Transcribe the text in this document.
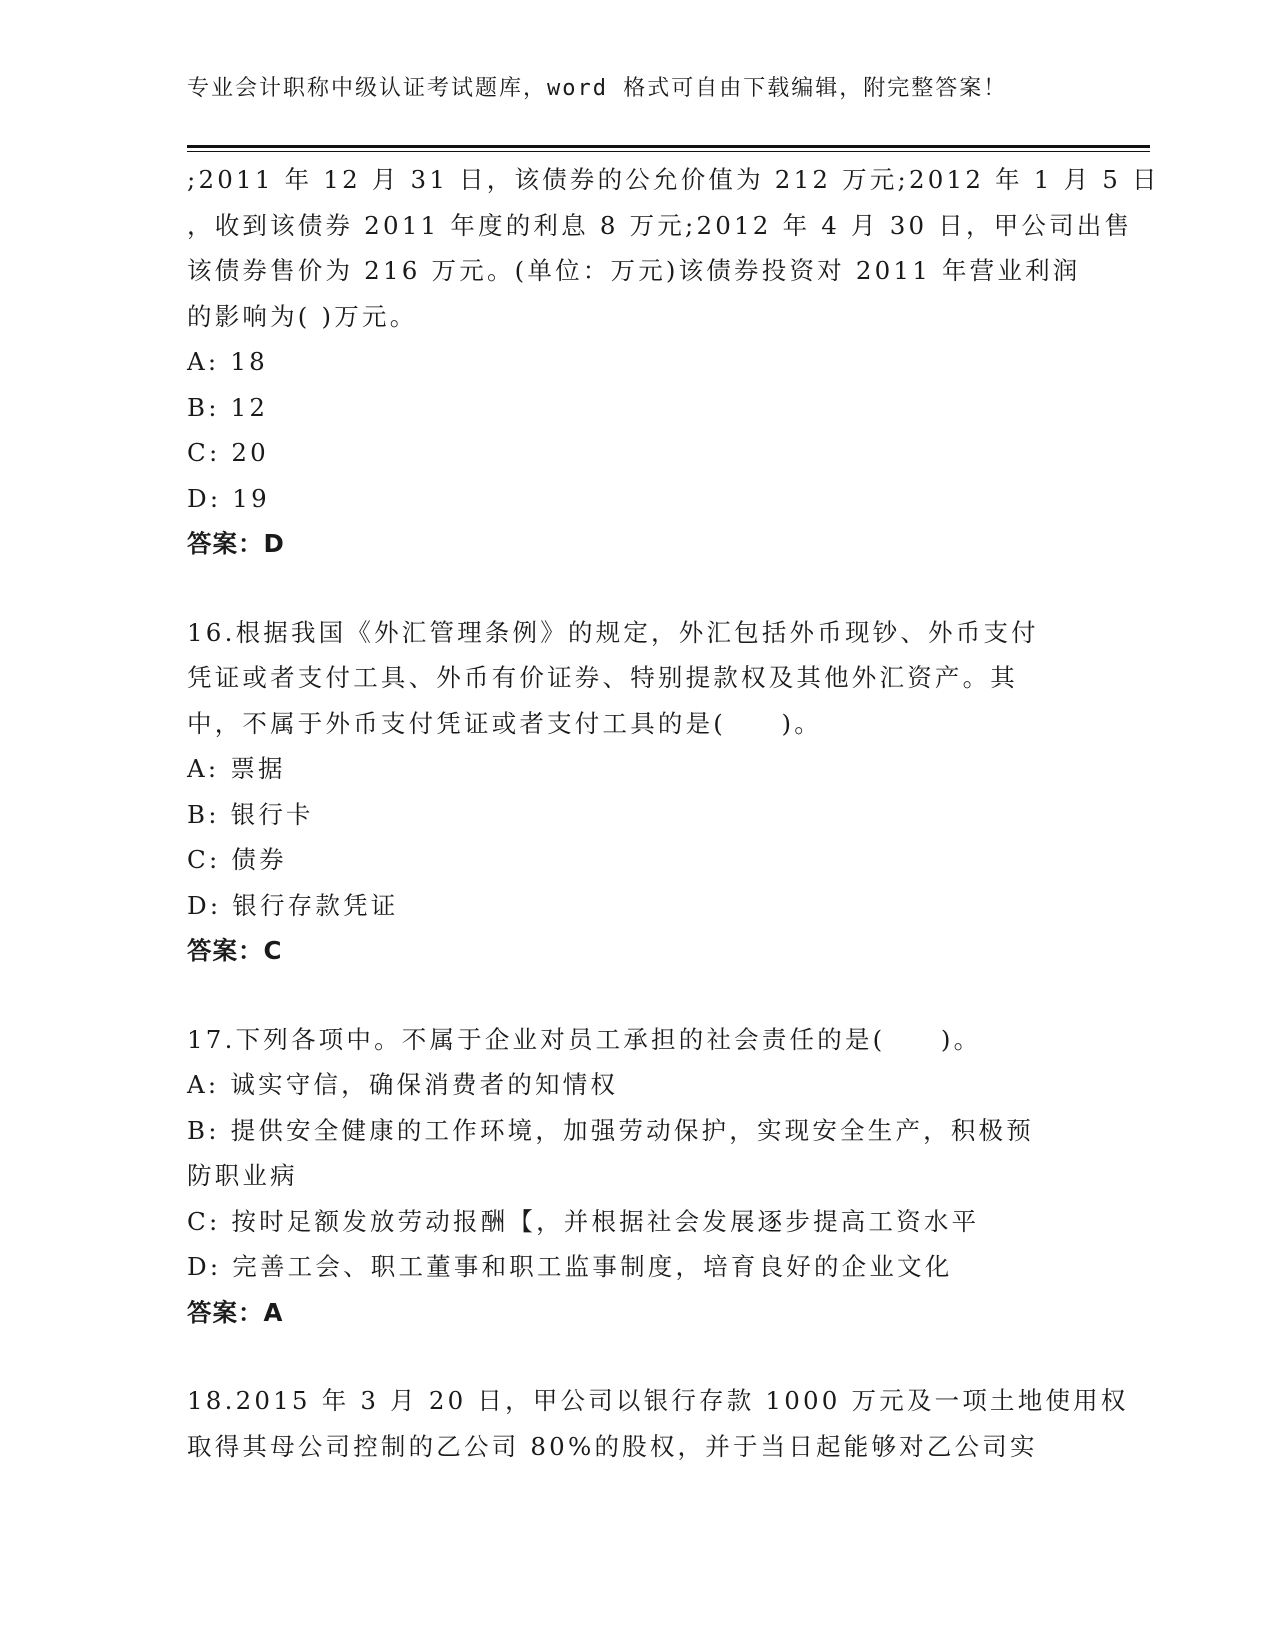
专业会计职称中级认证考试题库，word 格式可自由下载编辑，附完整答案！
;2011 年 12 月 31 日，该债券的公允价值为 212 万元;2012 年 1 月 5 日
，收到该债券 2011 年度的利息 8 万元;2012 年 4 月 30 日，甲公司出售
该债券售价为 216 万元。(单位：万元)该债券投资对 2011 年营业利润
的影响为( )万元。
A: 18
B: 12
C: 20
D: 19
答案：D
16.根据我国《外汇管理条例》的规定，外汇包括外币现钞、外币支付
凭证或者支付工具、外币有价证券、特别提款权及其他外汇资产。其
中，不属于外币支付凭证或者支付工具的是(　　)。
A: 票据
B: 银行卡
C: 债券
D: 银行存款凭证
答案：C
17.下列各项中。不属于企业对员工承担的社会责任的是(　　)。
A: 诚实守信，确保消费者的知情权
B: 提供安全健康的工作环境，加强劳动保护，实现安全生产，积极预
防职业病
C: 按时足额发放劳动报酬【，并根据社会发展逐步提高工资水平
D: 完善工会、职工董事和职工监事制度，培育良好的企业文化
答案：A
18.2015 年 3 月 20 日，甲公司以银行存款 1000 万元及一项土地使用权
取得其母公司控制的乙公司 80%的股权，并于当日起能够对乙公司实
